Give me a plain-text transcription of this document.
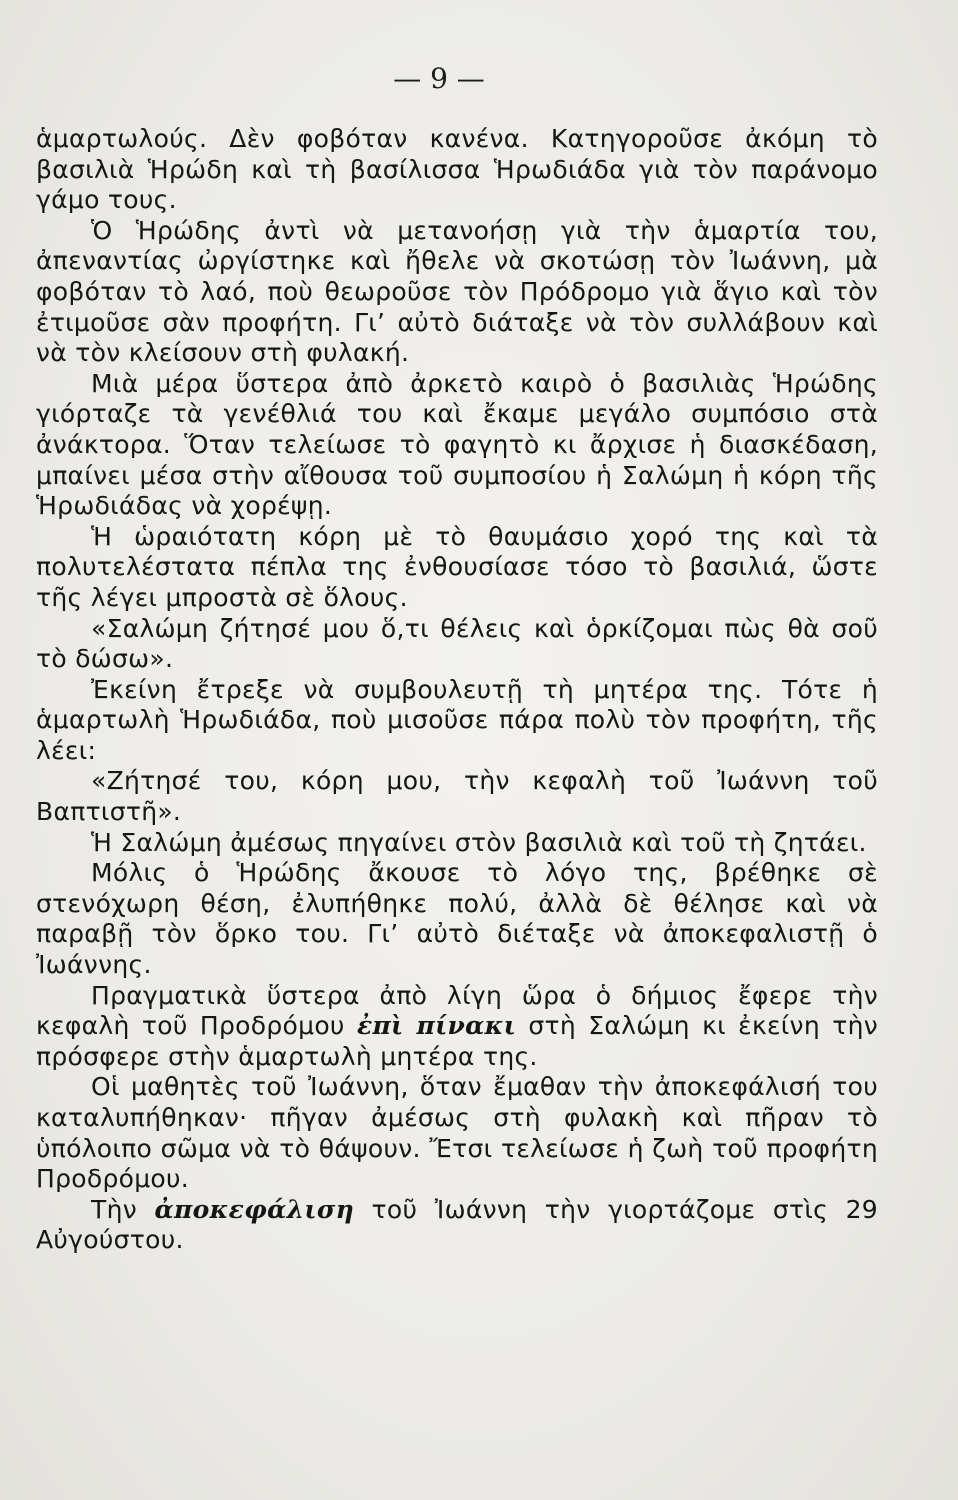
— 9 —

ἁμαρτωλούς. Δὲν φοβόταν κανένα. Κατηγοροῦσε ἀκόμη τὸ βασιλιὰ Ἡρώδη καὶ τὴ βασίλισσα Ἡρωδιάδα γιὰ τὸν παράνομο γάμο τους.

Ὁ Ἡρώδης ἀντὶ νὰ μετανοήσῃ γιὰ τὴν ἁμαρτία του, ἀπεναντίας ὠργίστηκε καὶ ἤθελε νὰ σκοτώσῃ τὸν Ἰωάννη, μὰ φοβόταν τὸ λαό, ποὺ θεωροῦσε τὸν Πρόδρομο γιὰ ἅγιο καὶ τὸν ἐτιμοῦσε σὰν προφήτη. Γι’ αὐτὸ διάταξε νὰ τὸν συλλάβουν καὶ νὰ τὸν κλείσουν στὴ φυλακή.

Μιὰ μέρα ὕστερα ἀπὸ ἀρκετὸ καιρὸ ὁ βασιλιὰς Ἡρώδης γιόρταζε τὰ γενέθλιά του καὶ ἔκαμε μεγάλο συμπόσιο στὰ ἀνάκτορα. Ὅταν τελείωσε τὸ φαγητὸ κι ἄρχισε ἡ διασκέδαση, μπαίνει μέσα στὴν αἴθουσα τοῦ συμποσίου ἡ Σαλώμη ἡ κόρη τῆς Ἡρωδιάδας νὰ χορέψῃ.

Ἡ ὡραιότατη κόρη μὲ τὸ θαυμάσιο χορό της καὶ τὰ πολυτελέστατα πέπλα της ἐνθουσίασε τόσο τὸ βασιλιά, ὥστε τῆς λέγει μπροστὰ σὲ ὅλους.

«Σαλώμη ζήτησέ μου ὅ,τι θέλεις καὶ ὁρκίζομαι πὼς θὰ σοῦ τὸ δώσω».

Ἐκείνη ἔτρεξε νὰ συμβουλευτῇ τὴ μητέρα της. Τότε ἡ ἁμαρτωλὴ Ἡρωδιάδα, ποὺ μισοῦσε πάρα πολὺ τὸν προφήτη, τῆς λέει:

«Ζήτησέ του, κόρη μου, τὴν κεφαλὴ τοῦ Ἰωάννη τοῦ Βαπτιστῆ».

Ἡ Σαλώμη ἀμέσως πηγαίνει στὸν βασιλιὰ καὶ τοῦ τὴ ζητάει.

Μόλις ὁ Ἡρώδης ἄκουσε τὸ λόγο της, βρέθηκε σὲ στενόχωρη θέση, ἐλυπήθηκε πολύ, ἀλλὰ δὲ θέλησε καὶ νὰ παραβῇ τὸν ὅρκο του. Γι’ αὐτὸ διέταξε νὰ ἀποκεφαλιστῇ ὁ Ἰωάννης.

Πραγματικὰ ὕστερα ἀπὸ λίγη ὥρα ὁ δήμιος ἔφερε τὴν κεφαλὴ τοῦ Προδρόμου ἐπὶ πίνακι στὴ Σαλώμη κι ἐκείνη τὴν πρόσφερε στὴν ἁμαρτωλὴ μητέρα της.

Οἱ μαθητὲς τοῦ Ἰωάννη, ὅταν ἔμαθαν τὴν ἀποκεφάλισή του καταλυπήθηκαν· πῆγαν ἀμέσως στὴ φυλακὴ καὶ πῆραν τὸ ὑπόλοιπο σῶμα νὰ τὸ θάψουν. Ἔτσι τελείωσε ἡ ζωὴ τοῦ προφήτη Προδρόμου.

Τὴν ἀποκεφάλιση τοῦ Ἰωάννη τὴν γιορτάζομε στὶς 29 Αὐγούστου.
